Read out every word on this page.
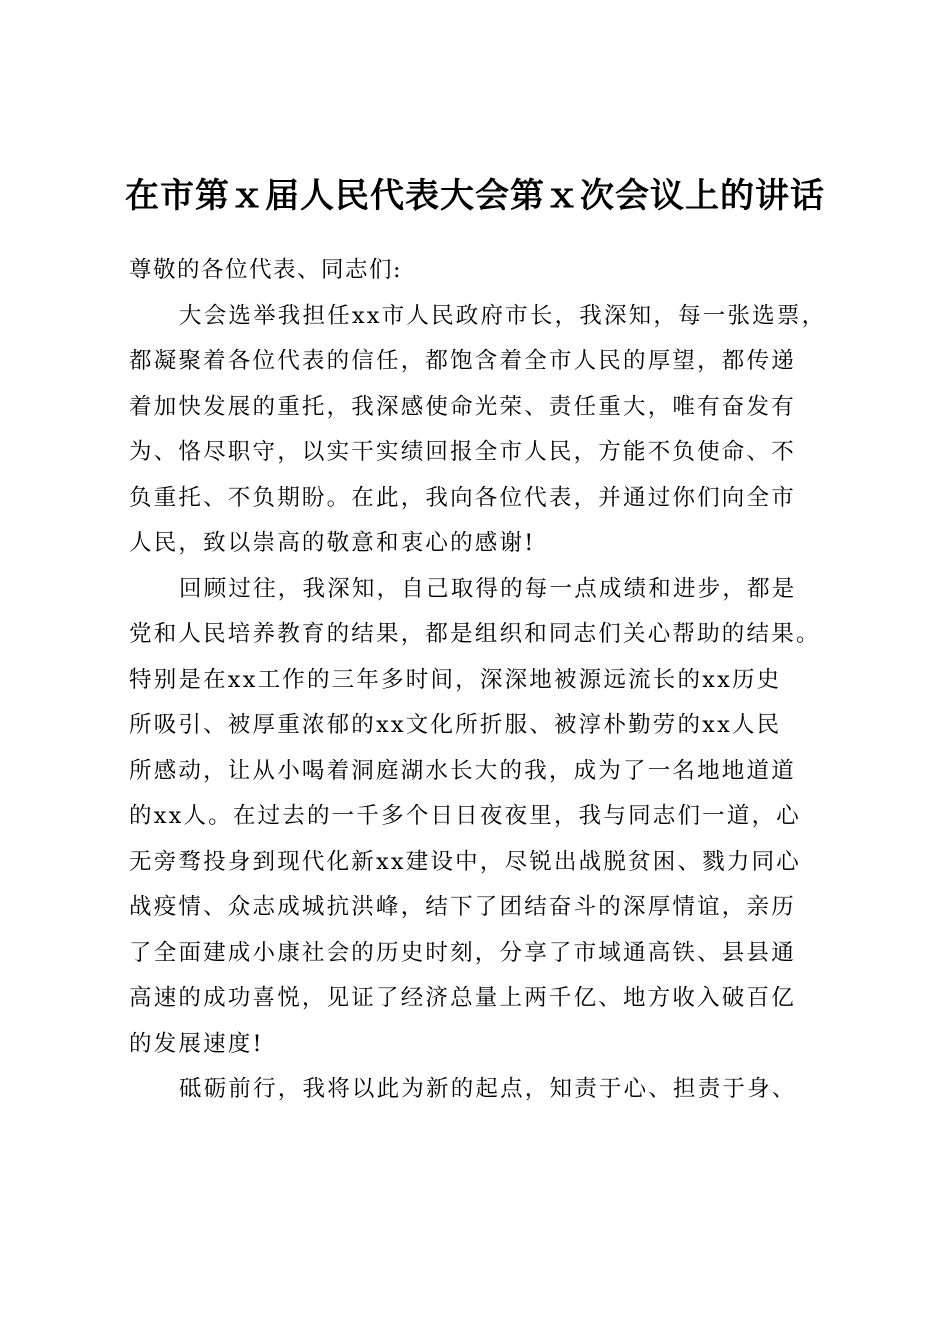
在市第ｘ届人民代表大会第ｘ次会议上的讲话

尊敬的各位代表、同志们:

大会选举我担任xx市人民政府市长，我深知，每一张选票，
都凝聚着各位代表的信任，都饱含着全市人民的厚望，都传递
着加快发展的重托，我深感使命光荣、责任重大，唯有奋发有
为、恪尽职守，以实干实绩回报全市人民，方能不负使命、不
负重托、不负期盼。在此，我向各位代表，并通过你们向全市
人民，致以崇高的敬意和衷心的感谢!
回顾过往，我深知，自己取得的每一点成绩和进步，都是
党和人民培养教育的结果，都是组织和同志们关心帮助的结果。
特别是在xx工作的三年多时间，深深地被源远流长的xx历史
所吸引、被厚重浓郁的xx文化所折服、被淳朴勤劳的xx人民
所感动，让从小喝着洞庭湖水长大的我，成为了一名地地道道
的xx人。在过去的一千多个日日夜夜里，我与同志们一道，心
无旁骛投身到现代化新xx建设中，尽锐出战脱贫困、戮力同心
战疫情、众志成城抗洪峰，结下了团结奋斗的深厚情谊，亲历
了全面建成小康社会的历史时刻，分享了市域通高铁、县县通
高速的成功喜悦，见证了经济总量上两千亿、地方收入破百亿
的发展速度!
砥砺前行，我将以此为新的起点，知责于心、担责于身、
